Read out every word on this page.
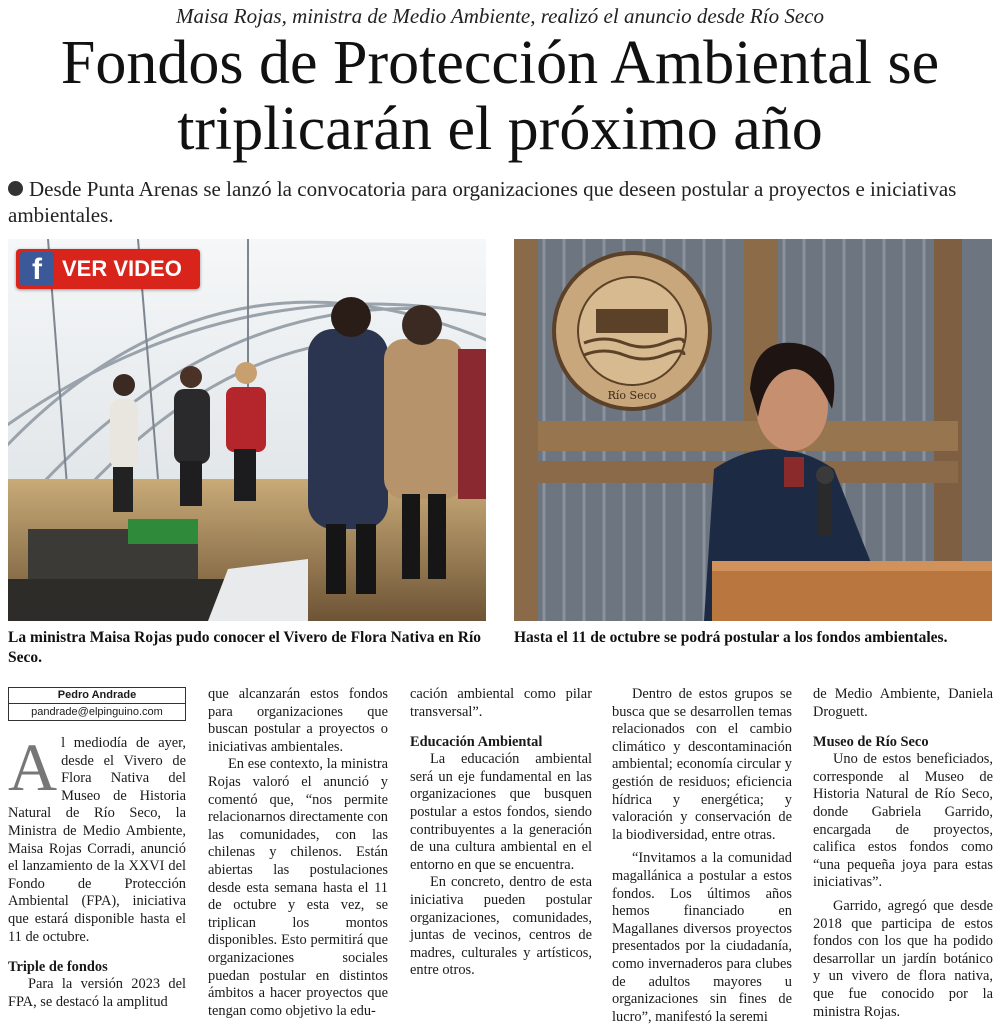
Maisa Rojas, ministra de Medio Ambiente, realizó el anuncio desde Río Seco
Fondos de Protección Ambiental se
triplicarán el próximo año
Desde Punta Arenas se lanzó la convocatoria para organizaciones que deseen postular a proyectos e iniciativas ambientales.
f VER VIDEO
Río Seco
La ministra Maisa Rojas pudo conocer el Vivero de Flora Nativa en Río Seco.
Hasta el 11 de octubre se podrá postular a los fondos ambientales.
Pedro Andrade
pandrade@elpinguino.com

Al mediodía de ayer, desde el Vivero de Flora Nativa del Museo de Historia Natural de Río Seco, la Ministra de Medio Ambiente, Maisa Rojas Corradi, anunció el lanzamiento de la XXVI del Fondo de Protección Ambiental (FPA), iniciativa que estará disponible hasta el 11 de octubre.

Triple de fondos

Para la versión 2023 del FPA, se destacó la amplitud

que alcanzarán estos fondos para organizaciones que buscan postular a proyectos o iniciativas ambientales.

En ese contexto, la ministra Rojas valoró el anunció y comentó que, “nos permite relacionarnos directamente con las comunidades, con las chilenas y chilenos. Están abiertas las postulaciones desde esta semana hasta el 11 de octubre y esta vez, se triplican los montos disponibles. Esto permitirá que organizaciones sociales puedan postular en distintos ámbitos a hacer proyectos que tengan como objetivo la edu-

cación ambiental como pilar transversal”.

Educación Ambiental

La educación ambiental será un eje fundamental en las organizaciones que busquen postular a estos fondos, siendo contribuyentes a la generación de una cultura ambiental en el entorno en que se encuentra.

En concreto, dentro de esta iniciativa pueden postular organizaciones, comunidades, juntas de vecinos, centros de madres, culturales y artísticos, entre otros.

Dentro de estos grupos se busca que se desarrollen temas relacionados con el cambio climático y descontaminación ambiental; economía circular y gestión de residuos; eficiencia hídrica y energética; y valoración y conservación de la biodiversidad, entre otras.

“Invitamos a la comunidad magallánica a postular a estos fondos. Los últimos años hemos financiado en Magallanes diversos proyectos presentados por la ciudadanía, como invernaderos para clubes de adultos mayores u organizaciones sin fines de lucro”, manifestó la seremi

de Medio Ambiente, Daniela Droguett.

Museo de Río Seco

Uno de estos beneficiados, corresponde al Museo de Historia Natural de Río Seco, donde Gabriela Garrido, encargada de proyectos, califica estos fondos como “una pequeña joya para estas iniciativas”.

Garrido, agregó que desde 2018 que participa de estos fondos con los que ha podido desarrollar un jardín botánico y un vivero de flora nativa, que fue conocido por la ministra Rojas.
